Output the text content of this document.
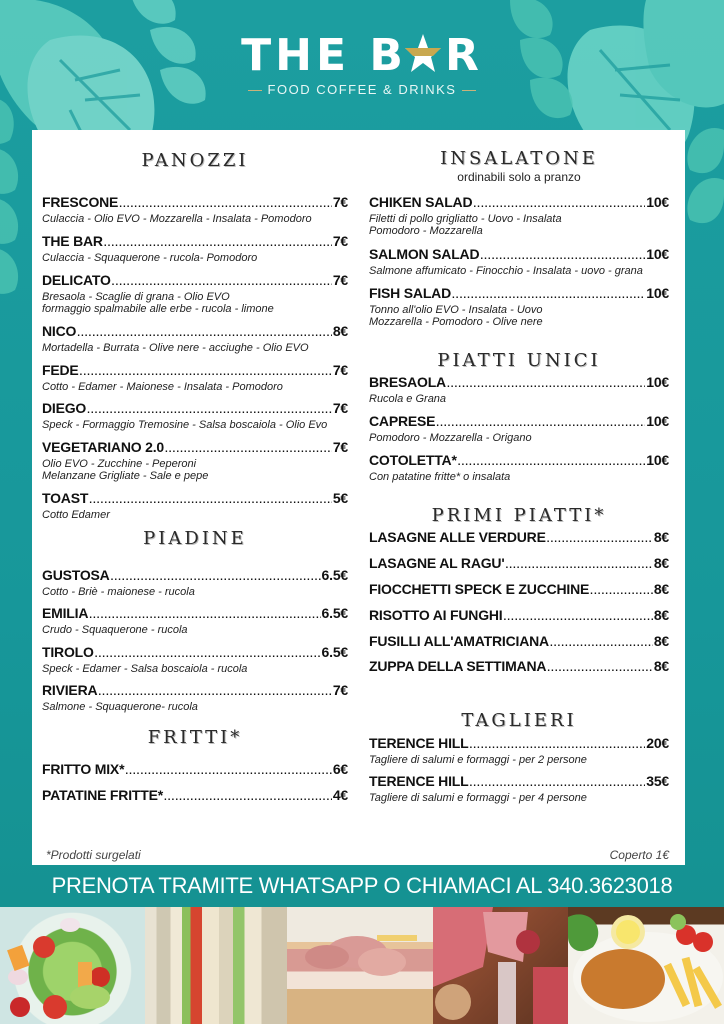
THE B R
FOOD COFFEE & DRINKS
PANOZZI
FRESCONE .....	7€
Culaccia - Olio EVO - Mozzarella - Insalata - Pomodoro
THE BAR .....	7€
Culaccia - Squaquerone - rucola- Pomodoro
DELICATO .....	7€
Bresaola - Scaglie di grana - Olio EVO
formaggio spalmabile alle erbe - rucola - limone
NICO .....	8€
Mortadella - Burrata - Olive nere - acciughe - Olio EVO
FEDE .....	7€
Cotto - Edamer - Maionese - Insalata - Pomodoro
DIEGO .....	7€
Speck - Formaggio Tremosine - Salsa boscaiola - Olio Evo
VEGETARIANO 2.0 .....	7€
Olio EVO - Zucchine - Peperoni
Melanzane Grigliate - Sale e pepe
TOAST .....	5€
Cotto Edamer
PIADINE
GUSTOSA .....	6.5€
Cotto - Briè - maionese - rucola
EMILIA .....	6.5€
Crudo - Squaquerone - rucola
TIROLO .....	6.5€
Speck - Edamer - Salsa boscaiola - rucola
RIVIERA .....	7€
Salmone - Squaquerone- rucola
FRITTI*
FRITTO MIX* .....	6€
PATATINE FRITTE* .....	4€
*Prodotti surgelati
INSALATONE
ordinabili solo a pranzo
CHIKEN SALAD .....	10€
Filetti di pollo grigliatto - Uovo - Insalata
Pomodoro - Mozzarella
SALMON SALAD .....	10€
Salmone affumicato - Finocchio - Insalata - uovo - grana
FISH SALAD .....	10€
Tonno all'olio EVO - Insalata - Uovo
Mozzarella - Pomodoro - Olive nere
PIATTI UNICI
BRESAOLA .....	10€
Rucola e Grana
CAPRESE .....	10€
Pomodoro - Mozzarella - Origano
COTOLETTA* .....	10€
Con patatine fritte* o insalata
PRIMI PIATTI*
LASAGNE ALLE VERDURE .....	8€
LASAGNE AL RAGU' .....	8€
FIOCCHETTI SPECK E ZUCCHINE .....	8€
RISOTTO AI FUNGHI .....	8€
FUSILLI ALL'AMATRICIANA .....	8€
ZUPPA DELLA SETTIMANA .....	8€
TAGLIERI
TERENCE HILL .....	20€
Tagliere di salumi e formaggi - per 2 persone
TERENCE HILL .....	35€
Tagliere di salumi e formaggi - per 4 persone
Coperto 1€
PRENOTA TRAMITE WHATSAPP O CHIAMACI AL 340.3623018
